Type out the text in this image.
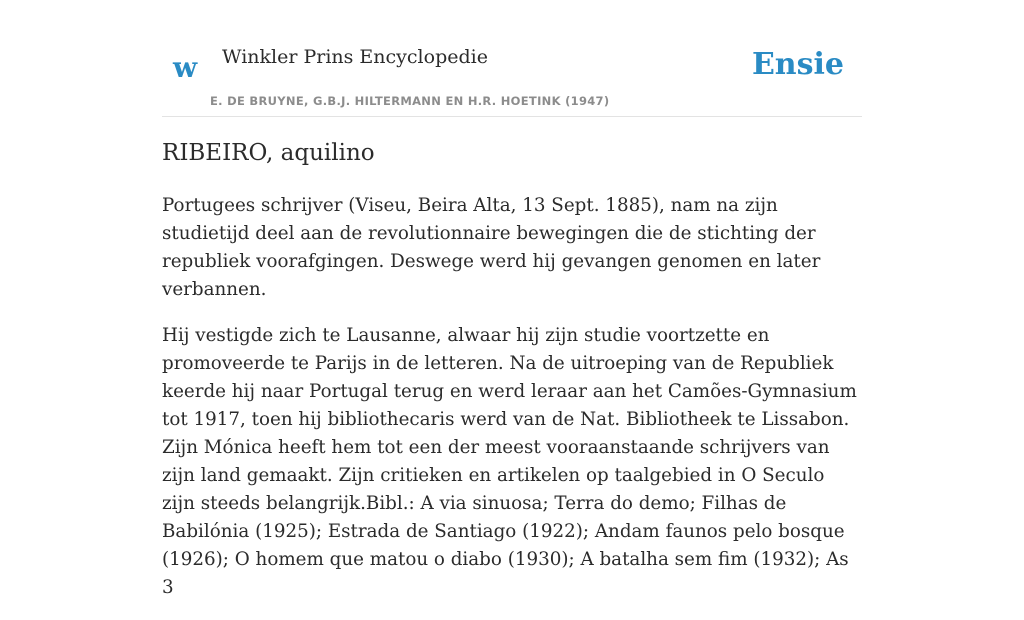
w Winkler Prins Encyclopedie
E. DE BRUYNE, G.B.J. HILTERMANN EN H.R. HOETINK (1947)
Ensie
RIBEIRO, aquilino

Portugees schrijver (Viseu, Beira Alta, 13 Sept. 1885), nam na zijn studietijd deel aan de revolutionnaire bewegingen die de stichting der republiek voorafgingen. Deswege werd hij gevangen genomen en later verbannen.

Hij vestigde zich te Lausanne, alwaar hij zijn studie voortzette en promoveerde te Parijs in de letteren. Na de uitroeping van de Republiek keerde hij naar Portugal terug en werd leraar aan het Camões-Gymnasium tot 1917, toen hij bibliothecaris werd van de Nat. Bibliotheek te Lissabon. Zijn Mónica heeft hem tot een der meest vooraanstaande schrijvers van zijn land gemaakt. Zijn critieken en artikelen op taalgebied in O Seculo zijn steeds belangrijk.Bibl.: A via sinuosa; Terra do demo; Filhas de Babilónia (1925); Estrada de Santiago (1922); Andam faunos pelo bosque (1926); O homem que matou o diabo (1930); A batalha sem fim (1932); As 3
